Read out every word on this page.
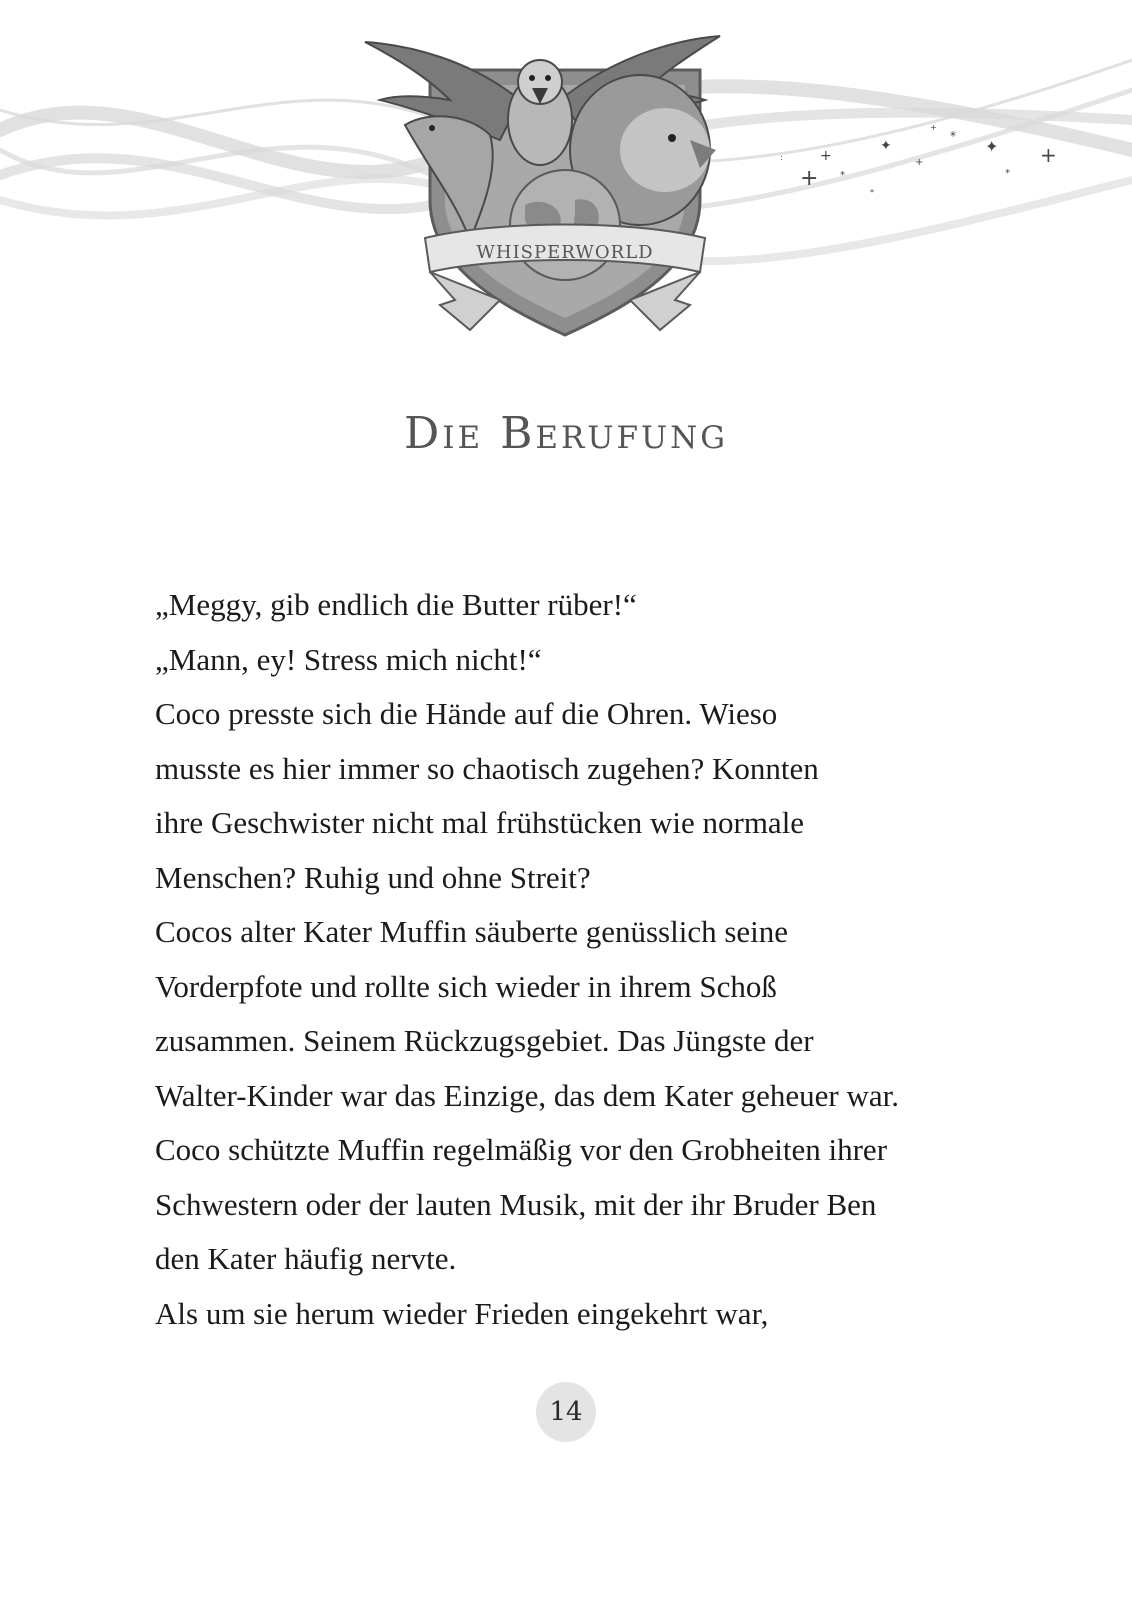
+
*
+
✦
+
*
✦ +
*
+
*
:
WHISPERWORLD
Die Berufung

„Meggy, gib endlich die Butter rüber!“

„Mann, ey! Stress mich nicht!“

Coco presste sich die Hände auf die Ohren. Wieso

musste es hier immer so chaotisch zugehen? Konnten

ihre Geschwister nicht mal frühstücken wie normale

Menschen? Ruhig und ohne Streit?

Cocos alter Kater Muffin säuberte genüsslich seine

Vorderpfote und rollte sich wieder in ihrem Schoß

zusammen. Seinem Rückzugsgebiet. Das Jüngste der

Walter-Kinder war das Einzige, das dem Kater geheuer war.

Coco schützte Muffin regelmäßig vor den Grobheiten ihrer

Schwestern oder der lauten Musik, mit der ihr Bruder Ben

den Kater häufig nervte.

Als um sie herum wieder Frieden eingekehrt war,

14
